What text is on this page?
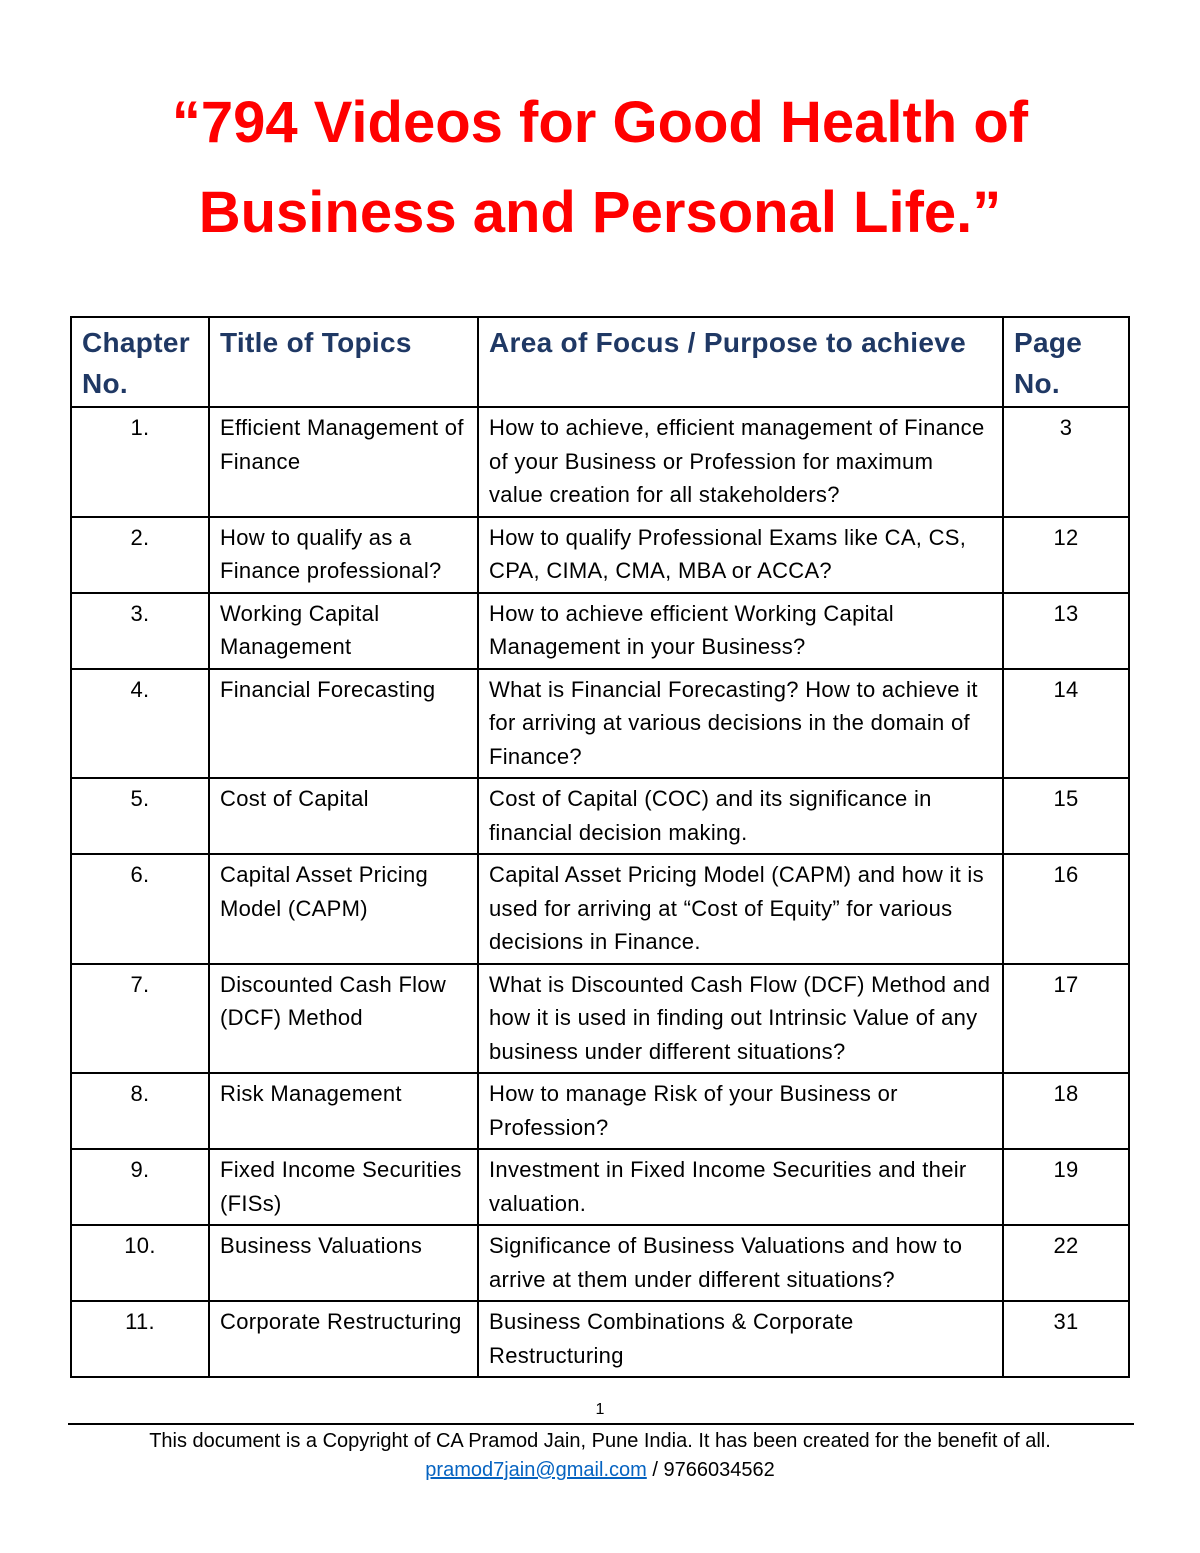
“794 Videos for Good Health of
Business and Personal Life.”
Chapter No.	Title of Topics	Area of Focus / Purpose to achieve	Page No.
1.	Efficient Management of Finance	How to achieve, efficient management of Finance of your Business or Profession for maximum value creation for all stakeholders?	3
2.	How to qualify as a Finance professional?	How to qualify Professional Exams like CA, CS, CPA, CIMA, CMA, MBA or ACCA?	12
3.	Working Capital Management	How to achieve efficient Working Capital Management in your Business?	13
4.	Financial Forecasting	What is Financial Forecasting? How to achieve it for arriving at various decisions in the domain of Finance?	14
5.	Cost of Capital	Cost of Capital (COC) and its significance in financial decision making.	15
6.	Capital Asset Pricing Model (CAPM)	Capital Asset Pricing Model (CAPM) and how it is used for arriving at “Cost of Equity” for various decisions in Finance.	16
7.	Discounted Cash Flow (DCF) Method	What is Discounted Cash Flow (DCF) Method and how it is used in finding out Intrinsic Value of any business under different situations?	17
8.	Risk Management	How to manage Risk of your Business or Profession?	18
9.	Fixed Income Securities (FISs)	Investment in Fixed Income Securities and their valuation.	19
10.	Business Valuations	Significance of Business Valuations and how to arrive at them under different situations?	22
11.	Corporate Restructuring	Business Combinations & Corporate Restructuring	31
1
This document is a Copyright of CA Pramod Jain, Pune India. It has been created for the benefit of all.
pramod7jain@gmail.com / 9766034562
